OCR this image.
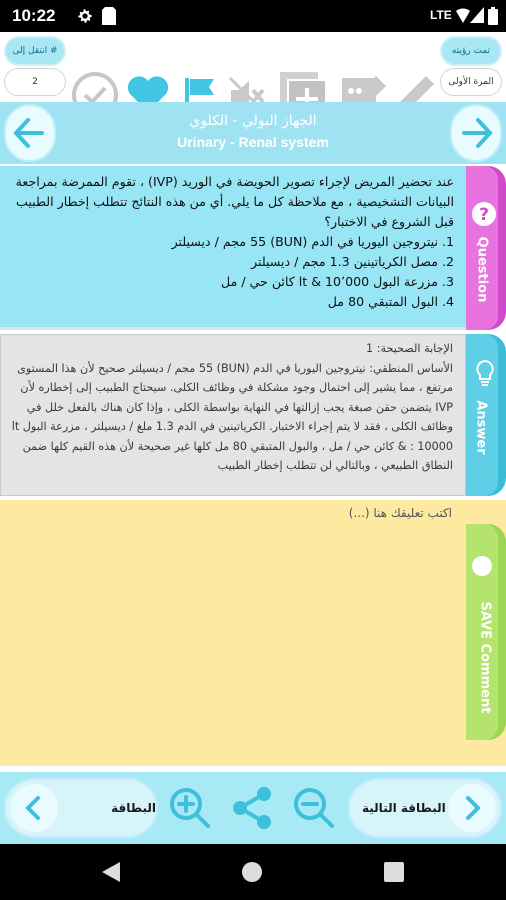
10:22	LTE
انتقل إلى #
2
تمت رؤيته
المرة الأولى
الجهاز البولي - الكلوي
Urinary - Renal system
عند تحضير المريض لإجراء تصوير الحويضة في الوريد (IVP) ، تقوم الممرضة بمراجعة البيانات التشخيصية ، مع ملاحظة كل ما يلي. أي من هذه النتائج تتطلب إخطار الطبيب قبل الشروع في الاختبار؟
1. نيتروجين اليوريا في الدم (BUN) 55 مجم / ديسيلتر
2. مصل الكرياتينين 1.3 مجم / ديسيلتر
3. مزرعة البول lt & 10٬000 كائن حي / مل
4. البول المتبقي 80 مل
?
Question
الإجابة الصحيحة: 1
الأساس المنطقي: نيتروجين اليوريا في الدم (BUN) 55 مجم / ديسيلتر صحيح لأن هذا المستوى مرتفع ، مما يشير إلى احتمال وجود مشكلة في وظائف الكلى. سيحتاج الطبيب إلى إخطاره لأن IVP يتضمن حقن صبغة يجب إزالتها في النهاية بواسطة الكلى ، وإذا كان هناك بالفعل خلل في وظائف الكلى ، فقد لا يتم إجراء الاختبار. الكرياتينين في الدم 1.3 ملغ / ديسيلتر ، مزرعة البول lt & : 10000 كائن حي / مل ، والبول المتبقي 80 مل كلها غير صحيحة لأن هذه القيم كلها ضمن النطاق الطبيعي ، وبالتالي لن تتطلب إخطار الطبيب
Answer
اكتب تعليقك هنا (...)
SAVE Comment
البطاقة	البطاقة التالية
